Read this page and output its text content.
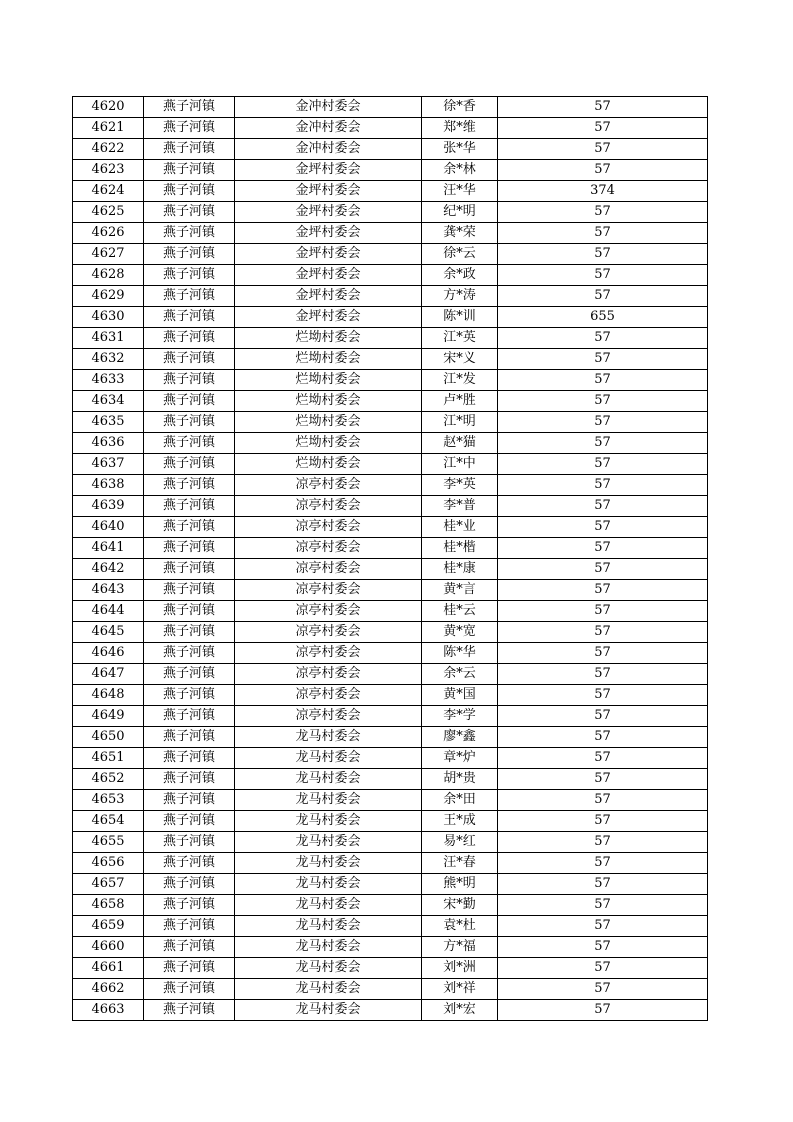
4620	燕子河镇	金冲村委会	徐*香	57
4621	燕子河镇	金冲村委会	郑*维	57
4622	燕子河镇	金冲村委会	张*华	57
4623	燕子河镇	金坪村委会	余*林	57
4624	燕子河镇	金坪村委会	汪*华	374
4625	燕子河镇	金坪村委会	纪*明	57
4626	燕子河镇	金坪村委会	龚*荣	57
4627	燕子河镇	金坪村委会	徐*云	57
4628	燕子河镇	金坪村委会	余*政	57
4629	燕子河镇	金坪村委会	方*涛	57
4630	燕子河镇	金坪村委会	陈*训	655
4631	燕子河镇	烂坳村委会	江*英	57
4632	燕子河镇	烂坳村委会	宋*义	57
4633	燕子河镇	烂坳村委会	江*发	57
4634	燕子河镇	烂坳村委会	卢*胜	57
4635	燕子河镇	烂坳村委会	江*明	57
4636	燕子河镇	烂坳村委会	赵*猫	57
4637	燕子河镇	烂坳村委会	江*中	57
4638	燕子河镇	凉亭村委会	李*英	57
4639	燕子河镇	凉亭村委会	李*普	57
4640	燕子河镇	凉亭村委会	桂*业	57
4641	燕子河镇	凉亭村委会	桂*楷	57
4642	燕子河镇	凉亭村委会	桂*康	57
4643	燕子河镇	凉亭村委会	黄*言	57
4644	燕子河镇	凉亭村委会	桂*云	57
4645	燕子河镇	凉亭村委会	黄*宽	57
4646	燕子河镇	凉亭村委会	陈*华	57
4647	燕子河镇	凉亭村委会	余*云	57
4648	燕子河镇	凉亭村委会	黄*国	57
4649	燕子河镇	凉亭村委会	李*学	57
4650	燕子河镇	龙马村委会	廖*鑫	57
4651	燕子河镇	龙马村委会	章*炉	57
4652	燕子河镇	龙马村委会	胡*贵	57
4653	燕子河镇	龙马村委会	余*田	57
4654	燕子河镇	龙马村委会	王*成	57
4655	燕子河镇	龙马村委会	易*红	57
4656	燕子河镇	龙马村委会	汪*春	57
4657	燕子河镇	龙马村委会	熊*明	57
4658	燕子河镇	龙马村委会	宋*勤	57
4659	燕子河镇	龙马村委会	袁*杜	57
4660	燕子河镇	龙马村委会	方*福	57
4661	燕子河镇	龙马村委会	刘*洲	57
4662	燕子河镇	龙马村委会	刘*祥	57
4663	燕子河镇	龙马村委会	刘*宏	57
